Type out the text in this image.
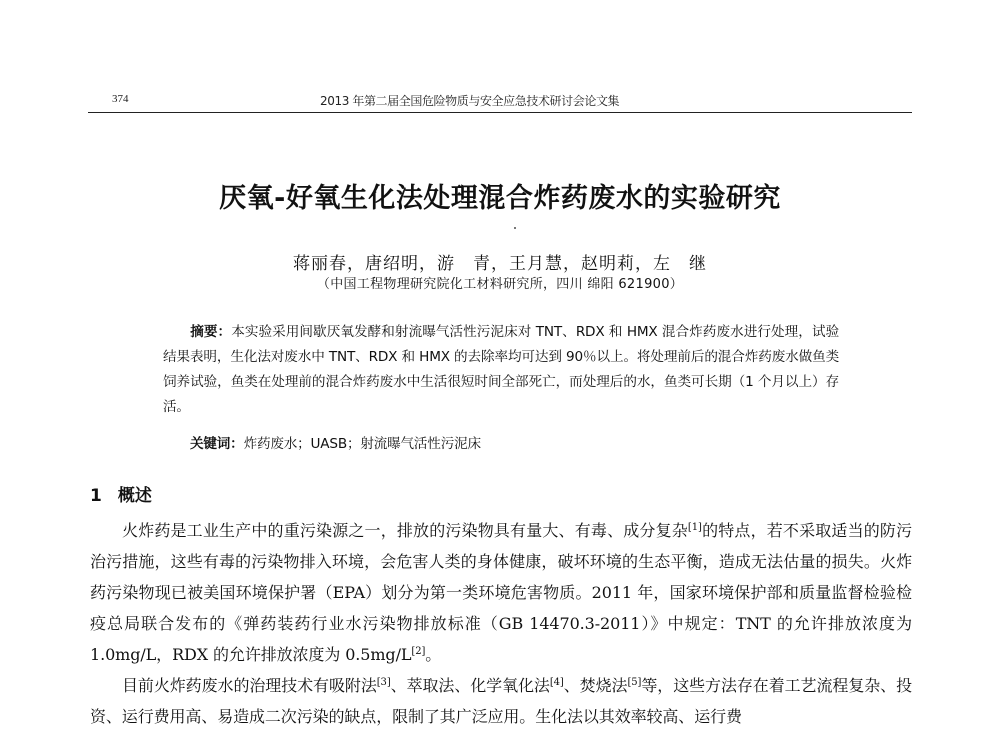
374	2013 年第二届全国危险物质与安全应急技术研讨会论文集
厌氧-好氧生化法处理混合炸药废水的实验研究
蒋丽春，唐绍明，游　青，王月慧，赵明莉，左　继
（中国工程物理研究院化工材料研究所，四川 绵阳 621900）
摘要：本实验采用间歇厌氧发酵和射流曝气活性污泥床对 TNT、RDX 和 HMX 混合炸药废水进行处理，试验结果表明，生化法对废水中 TNT、RDX 和 HMX 的去除率均可达到 90％以上。将处理前后的混合炸药废水做鱼类饲养试验，鱼类在处理前的混合炸药废水中生活很短时间全部死亡，而处理后的水，鱼类可长期（1 个月以上）存活。
关键词：炸药废水；UASB；射流曝气活性污泥床
1 概述

火炸药是工业生产中的重污染源之一，排放的污染物具有量大、有毒、成分复杂[1]的特点，若不采取适当的防污治污措施，这些有毒的污染物排入环境，会危害人类的身体健康，破坏环境的生态平衡，造成无法估量的损失。火炸药污染物现已被美国环境保护署（EPA）划分为第一类环境危害物质。2011 年，国家环境保护部和质量监督检验检疫总局联合发布的《弹药装药行业水污染物排放标准（GB 14470.3-2011）》中规定：TNT 的允许排放浓度为 1.0mg/L，RDX 的允许排放浓度为 0.5mg/L[2]。

目前火炸药废水的治理技术有吸附法[3]、萃取法、化学氧化法[4]、焚烧法[5]等，这些方法存在着工艺流程复杂、投资、运行费用高、易造成二次污染的缺点，限制了其广泛应用。生化法以其效率较高、运行费
